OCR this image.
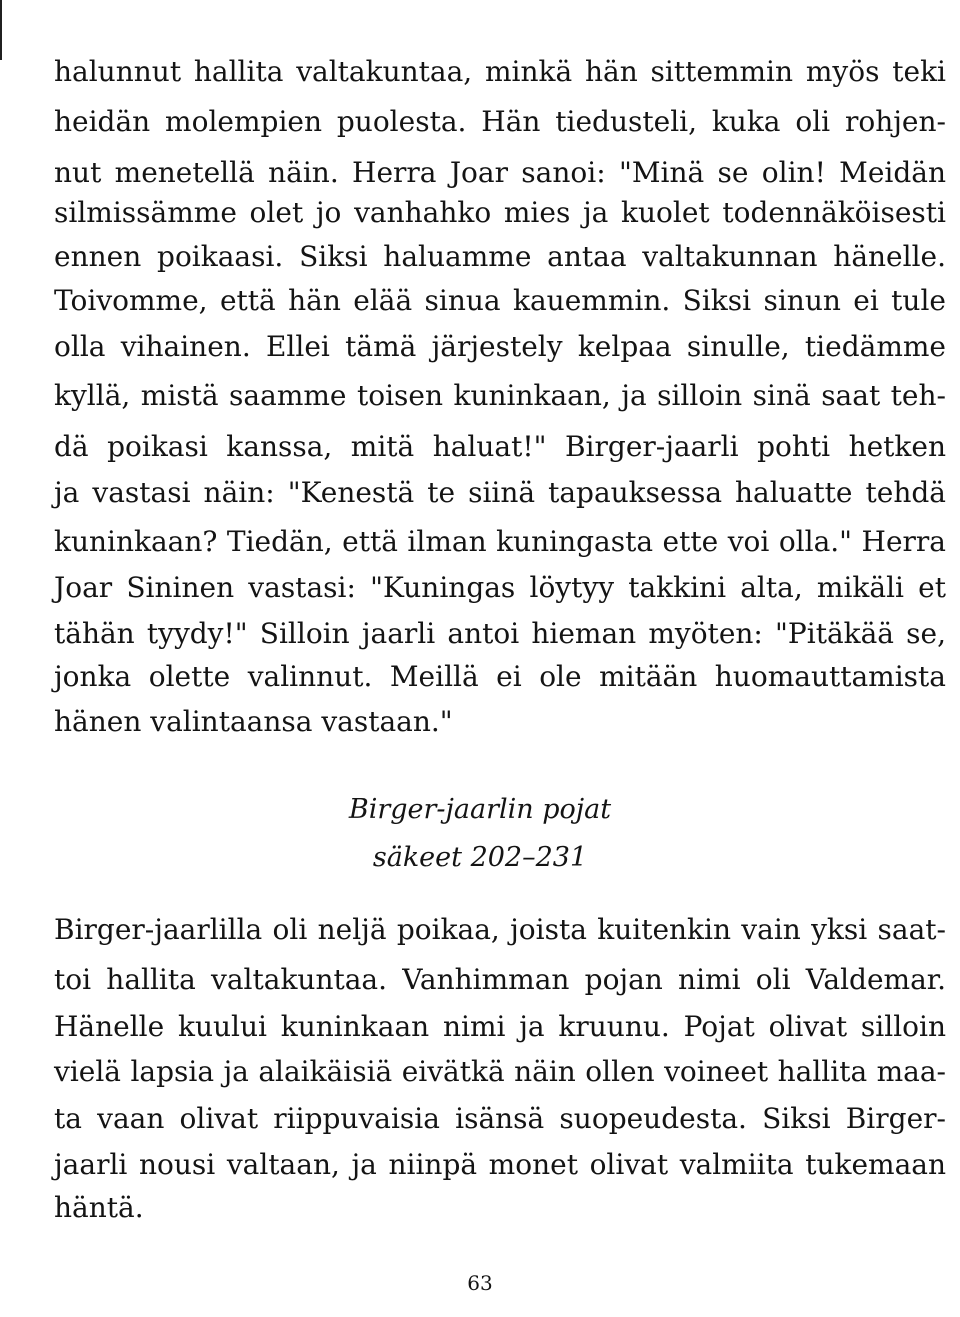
halunnut hallita valtakuntaa, minkä hän sittemmin myös teki
heidän molempien puolesta. Hän tiedusteli, kuka oli rohjen-
nut menetellä näin. Herra Joar sanoi: "Minä se olin! Meidän
silmissämme olet jo vanhahko mies ja kuolet todennäköisesti
ennen poikaasi. Siksi haluamme antaa valtakunnan hänelle.
Toivomme, että hän elää sinua kauemmin. Siksi sinun ei tule
olla vihainen. Ellei tämä järjestely kelpaa sinulle, tiedämme
kyllä, mistä saamme toisen kuninkaan, ja silloin sinä saat teh-
dä poikasi kanssa, mitä haluat!" Birger-jaarli pohti hetken
ja vastasi näin: "Kenestä te siinä tapauksessa haluatte tehdä
kuninkaan? Tiedän, että ilman kuningasta ette voi olla." Herra
Joar Sininen vastasi: "Kuningas löytyy takkini alta, mikäli et
tähän tyydy!" Silloin jaarli antoi hieman myöten: "Pitäkää se,
jonka olette valinnut. Meillä ei ole mitään huomauttamista
hänen valintaansa vastaan."
Birger-jaarlin pojat
säkeet 202–231
Birger-jaarlilla oli neljä poikaa, joista kuitenkin vain yksi saat-
toi hallita valtakuntaa. Vanhimman pojan nimi oli Valdemar.
Hänelle kuului kuninkaan nimi ja kruunu. Pojat olivat silloin
vielä lapsia ja alaikäisiä eivätkä näin ollen voineet hallita maa-
ta vaan olivat riippuvaisia isänsä suopeudesta. Siksi Birger-
jaarli nousi valtaan, ja niinpä monet olivat valmiita tukemaan
häntä.
63
